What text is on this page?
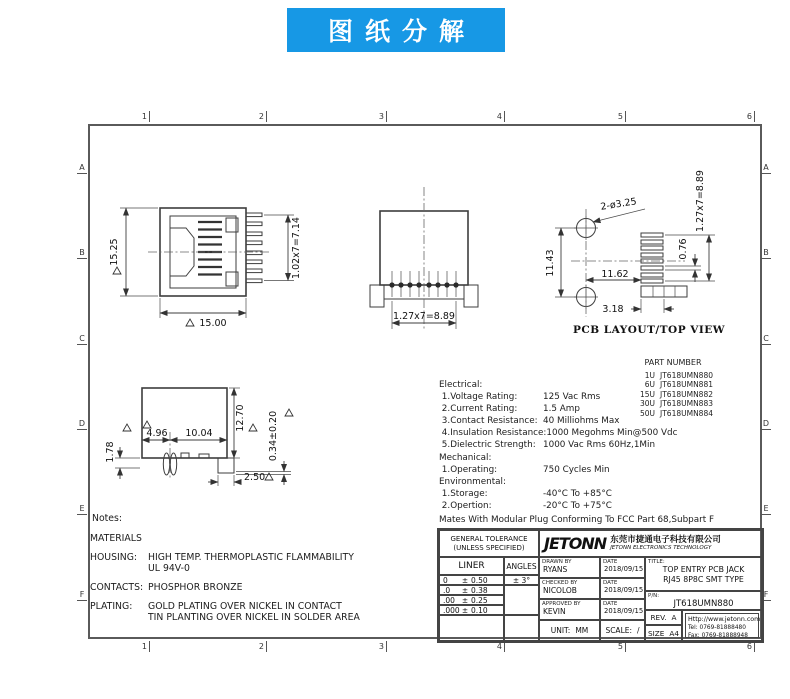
图纸分解
1	2	3	4	5	6
1	2	3	4	5	6
A
B
C
D
E
F
A
B
C
D
E
F
15.25	1.02x7=7.14
15.00
1.27x7=8.89
2-ø3.25
11.43	11.62
0.76
1.27x7=8.89
3.18
PCB LAYOUT/TOP VIEW
12.70
4.96 10.04
1.78	0.34±0.20
2.50
PART NUMBER
1U JT618UMN880
6U JT618UMN881
15U JT618UMN882
30U JT618UMN883
50U JT618UMN884
Electrical:
1.Voltage Rating:	125 Vac Rms
2.Current Rating:	1.5 Amp
3.Contact Resistance: 40 Milliohms Max
4.Insulation Resistance: 1000 Megohms Min@500 Vdc
5.Dielectric Strength: 1000 Vac Rms 60Hz,1Min
Mechanical:
1.Operating:	750 Cycles Min
Environmental:
1.Storage:	-40°C To +85°C
2.Opertion:	-20°C To +75°C
Mates With Modular Plug Conforming To FCC Part 68,Subpart F
Notes:
MATERIALS
HOUSING:	HIGH TEMP. THERMOPLASTIC FLAMMABILITY
UL 94V-0
CONTACTS: PHOSPHOR BRONZE
PLATING:	GOLD PLATING OVER NICKEL IN CONTACT
TIN PLANTING OVER NICKEL IN SOLDER AREA
GENERAL TOLERANCE
(UNLESS SPECIFIED)
LINER	ANGLES
0	± 0.50
.0	± 0.38
.00 ± 0.25
.000 ± 0.10
± 3°
JETONN 东莞市捷通电子科技有限公司
JETONN ELECTRONICS TECHNOLOGY
DRAWN BY
RYANS
DATE
2018/09/15
CHECKED BY
NICOLOB
DATE
2018/09/15
APPROVED BY
KEVIN
DATE
2018/09/15
UNIT: MM SCALE: /
TITLE:
TOP ENTRY PCB JACK
RJ45 8P8C SMT TYPE
P/N:
JT618UMN880
REV. A
SIZE A4
Http://www.jetonn.com
Tel: 0769-81888480
Fax: 0769-81888948
